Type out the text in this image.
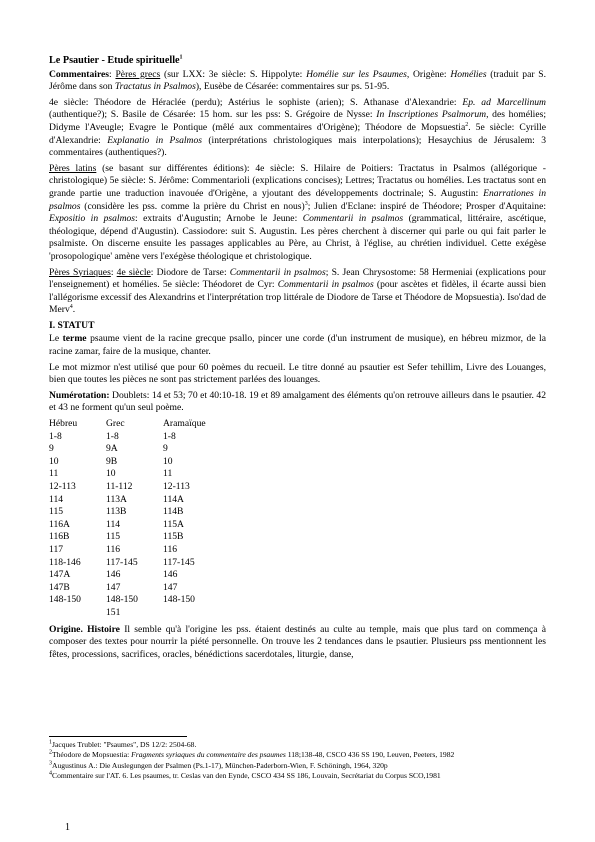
Le Psautier - Etude spirituelle$^1$

Commentaires: Pères grecs (sur LXX: 3e siècle: S. Hippolyte: Homélie sur les Psaumes, Origène: Homélies (traduit par S. Jérôme dans son Tractatus in Psalmos), Eusèbe de Césarée: commentaires sur ps. 51-95.

4e siècle: Théodore de Héraclée (perdu); Astérius le sophiste (arien); S. Athanase d'Alexandrie: Ep. ad Marcellinum (authentique?); S. Basile de Césarée: 15 hom. sur les pss: S. Grégoire de Nysse: In Inscriptiones Psalmorum, des homélies; Didyme l'Aveugle; Evagre le Pontique (mêlé aux commentaires d'Origène); Théodore de Mopsuestia$^2$. 5e siècle: Cyrille d'Alexandrie: Explanatio in Psalmos (interprétations christologiques mais interpolations); Hesaychius de Jérusalem: 3 commentaires (authentiques?).

Pères latins (se basant sur différentes éditions): 4e siècle: S. Hilaire de Poitiers: Tractatus in Psalmos (allégorique - christologique) 5e siècle: S. Jérôme: Commentarioli (explications concises); Lettres; Tractatus ou homélies. Les tractatus sont en grande partie une traduction inavouée d'Origène, a yjoutant des développements doctrinale; S. Augustin: Enarrationes in psalmos (considère les pss. comme la prière du Christ en nous)$^3$; Julien d'Eclane: inspiré de Théodore; Prosper d'Aquitaine: Expositio in psalmos: extraits d'Augustin; Arnobe le Jeune: Commentarii in psalmos (grammatical, littéraire, ascétique, théologique, dépend d'Augustin). Cassiodore: suit S. Augustin. Les pères cherchent à discerner qui parle ou qui fait parler le psalmiste. On discerne ensuite les passages applicables au Père, au Christ, à l'église, au chrétien individuel. Cette exégèse 'prosopologique' amène vers l'exégèse théologique et christologique.

Pères Syriaques: 4e siècle: Diodore de Tarse: Commentarii in psalmos; S. Jean Chrysostome: 58 Hermeniai (explications pour l'enseignement) et homélies. 5e siècle: Théodoret de Cyr: Commentarii in psalmos (pour ascètes et fidèles, il écarte aussi bien l'allégorisme excessif des Alexandrins et l'interprétation trop littérale de Diodore de Tarse et Théodore de Mopsuestia). Iso'dad de Merv$^4$.

I. STATUT

Le terme psaume vient de la racine grecque psallo, pincer une corde (d'un instrument de musique), en hébreu mizmor, de la racine zamar, faire de la musique, chanter.

Le mot mizmor n'est utilisé que pour 60 poèmes du recueil. Le titre donné au psautier est Sefer tehillim, Livre des Louanges, bien que toutes les pièces ne sont pas strictement parlées des louanges.

Numérotation: Doublets: 14 et 53; 70 et 40:10-18. 19 et 89 amalgament des éléments qu'on retrouve ailleurs dans le psautier. 42 et 43 ne forment qu'un seul poème.

Hébreu	Grec	Aramaïque
1-8	1-8	1-8
9	9A	9
10	9B	10
11	10	11
12-113	11-112	12-113
114	113A	114A
115	113B	114B
116A	114	115A
116B	115	115B
117	116	116
118-146	117-145	117-145
147A	146	146
147B	147	147
148-150	148-150	148-150
	151	

Origine. Histoire Il semble qu'à l'origine les pss. étaient destinés au culte au temple, mais que plus tard on commença à composer des textes pour nourrir la piété personnelle. On trouve les 2 tendances dans le psautier. Plusieurs pss mentionnent les fêtes, processions, sacrifices, oracles, bénédictions sacerdotales, liturgie, danse,

$^1$Jacques Trublet: "Psaumes", DS 12/2: 2504-68.
$^2$Théodore de Mopsuestia: Fragments syriaques du commentaire des psaumes 118;138-48, CSCO 436 SS 190, Leuven, Peeters, 1982
$^3$Augustinus A.: Die Auslegungen der Psalmen (Ps.1-17), München-Paderborn-Wien, F. Schöningh, 1964, 320p
$^4$Commentaire sur l'AT. 6. Les psaumes, tr. Ceslas van den Eynde, CSCO 434 SS 186, Louvain, Secrétariat du Corpus SCO,1981
1
